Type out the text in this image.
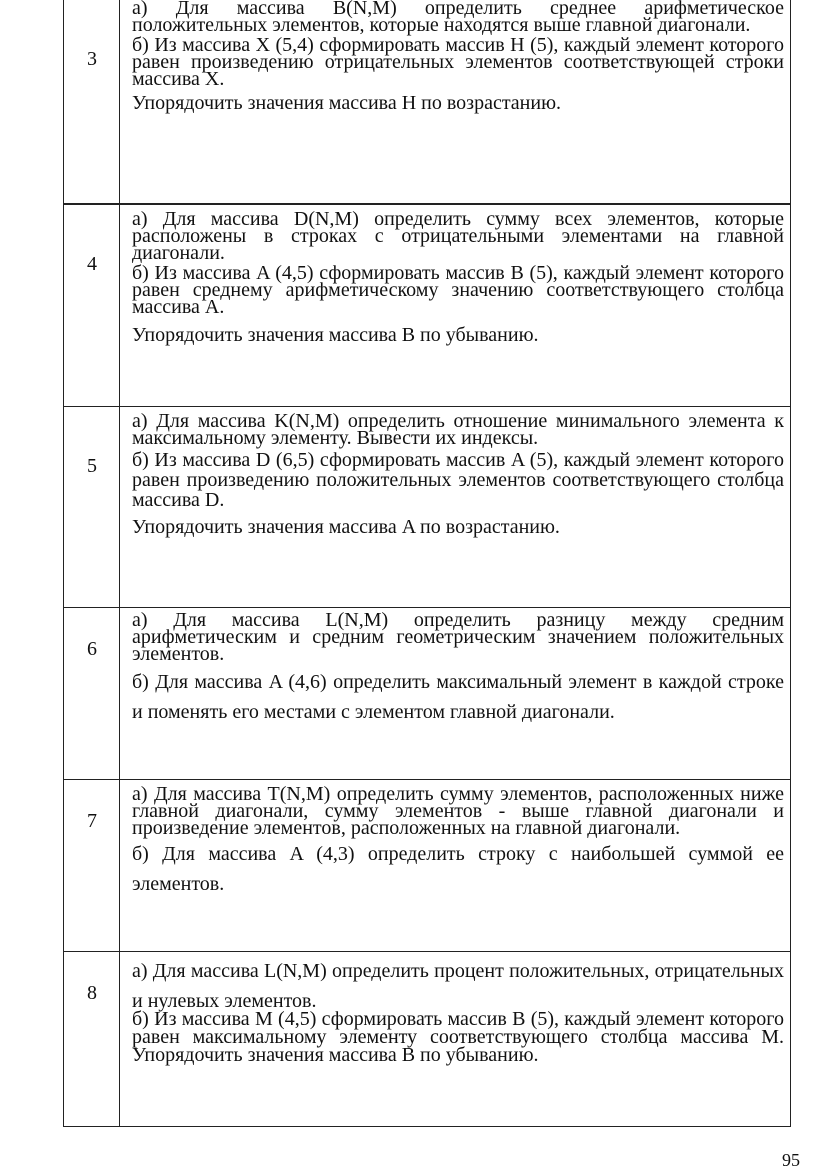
3

а) Для массива B(N,M) определить среднее арифметическое положительных элементов, которые находятся выше главной диагонали.

б) Из массива X (5,4) сформировать массив H (5), каждый элемент которого равен произведению отрицательных элементов соответствующей строки массива X.

Упорядочить значения массива H по возрастанию.

4

а) Для массива D(N,M) определить сумму всех элементов, которые расположены в строках с отрицательными элементами на главной диагонали.

б) Из массива A (4,5) сформировать массив B (5), каждый элемент которого равен среднему арифметическому значению соответствующего столбца массива A.

Упорядочить значения массива B по убыванию.

5

а) Для массива K(N,M) определить отношение минимального элемента к максимальному элементу. Вывести их индексы.

б) Из массива D (6,5) сформировать массив A (5), каждый элемент которого равен произведению положительных элементов соответствующего столбца массива D.

Упорядочить значения массива A по возрастанию.

6

а) Для массива L(N,M) определить разницу между средним арифметическим и средним геометрическим значением положительных элементов.

б) Для массива A (4,6) определить максимальный элемент в каждой строке и поменять его местами с элементом главной диагонали.

7

а) Для массива T(N,M) определить сумму элементов, расположенных ниже главной диагонали, сумму элементов - выше главной диагонали и произведение элементов, расположенных на главной диагонали.

б) Для массива A (4,3) определить строку с наибольшей суммой ее элементов.

8

а) Для массива L(N,M) определить процент положительных, отрицательных и нулевых элементов.

б) Из массива M (4,5) сформировать массив B (5), каждый элемент которого равен максимальному элементу соответствующего столбца массива M. Упорядочить значения массива B по убыванию.

95
